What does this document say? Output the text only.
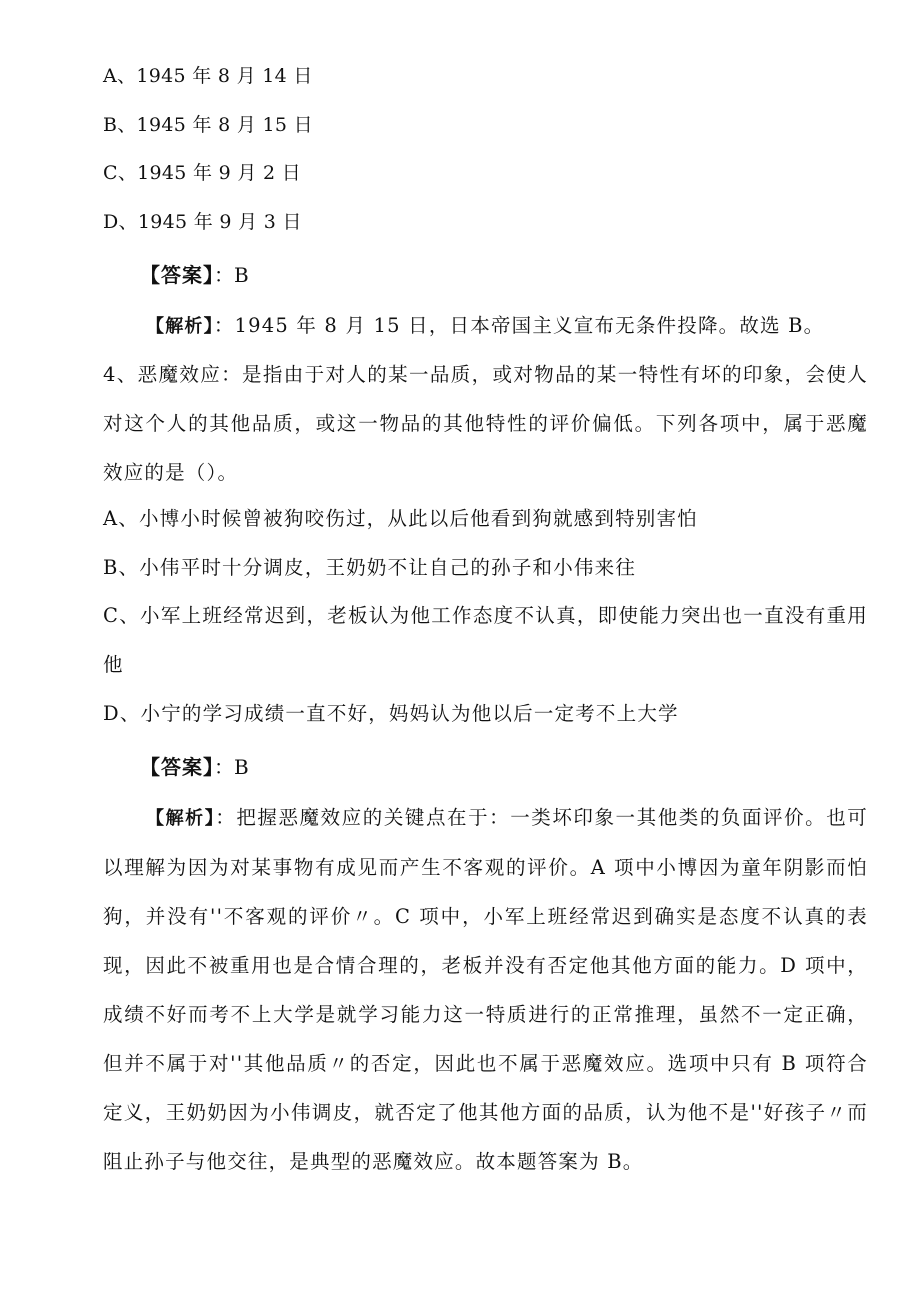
A、1945 年 8 月 14 日
B、1945 年 8 月 15 日
C、1945 年 9 月 2 日
D、1945 年 9 月 3 日
【答案】：B
【解析】：1945 年 8 月 15 日，日本帝国主义宣布无条件投降。故选 B。
4、恶魔效应：是指由于对人的某一品质，或对物品的某一特性有坏的印象，会使人对这个人的其他品质，或这一物品的其他特性的评价偏低。下列各项中，属于恶魔效应的是（）。
A、小博小时候曾被狗咬伤过，从此以后他看到狗就感到特别害怕
B、小伟平时十分调皮，王奶奶不让自己的孙子和小伟来往
C、小军上班经常迟到，老板认为他工作态度不认真，即使能力突出也一直没有重用他
D、小宁的学习成绩一直不好，妈妈认为他以后一定考不上大学
【答案】：B
【解析】：把握恶魔效应的关键点在于：一类坏印象一其他类的负面评价。也可以理解为因为对某事物有成见而产生不客观的评价。A 项中小博因为童年阴影而怕狗，并没有''不客观的评价〃。C 项中，小军上班经常迟到确实是态度不认真的表现，因此不被重用也是合情合理的，老板并没有否定他其他方面的能力。D 项中，成绩不好而考不上大学是就学习能力这一特质进行的正常推理，虽然不一定正确，但并不属于对''其他品质〃的否定，因此也不属于恶魔效应。选项中只有 B 项符合定义，王奶奶因为小伟调皮，就否定了他其他方面的品质，认为他不是''好孩子〃而阻止孙子与他交往，是典型的恶魔效应。故本题答案为 B。
